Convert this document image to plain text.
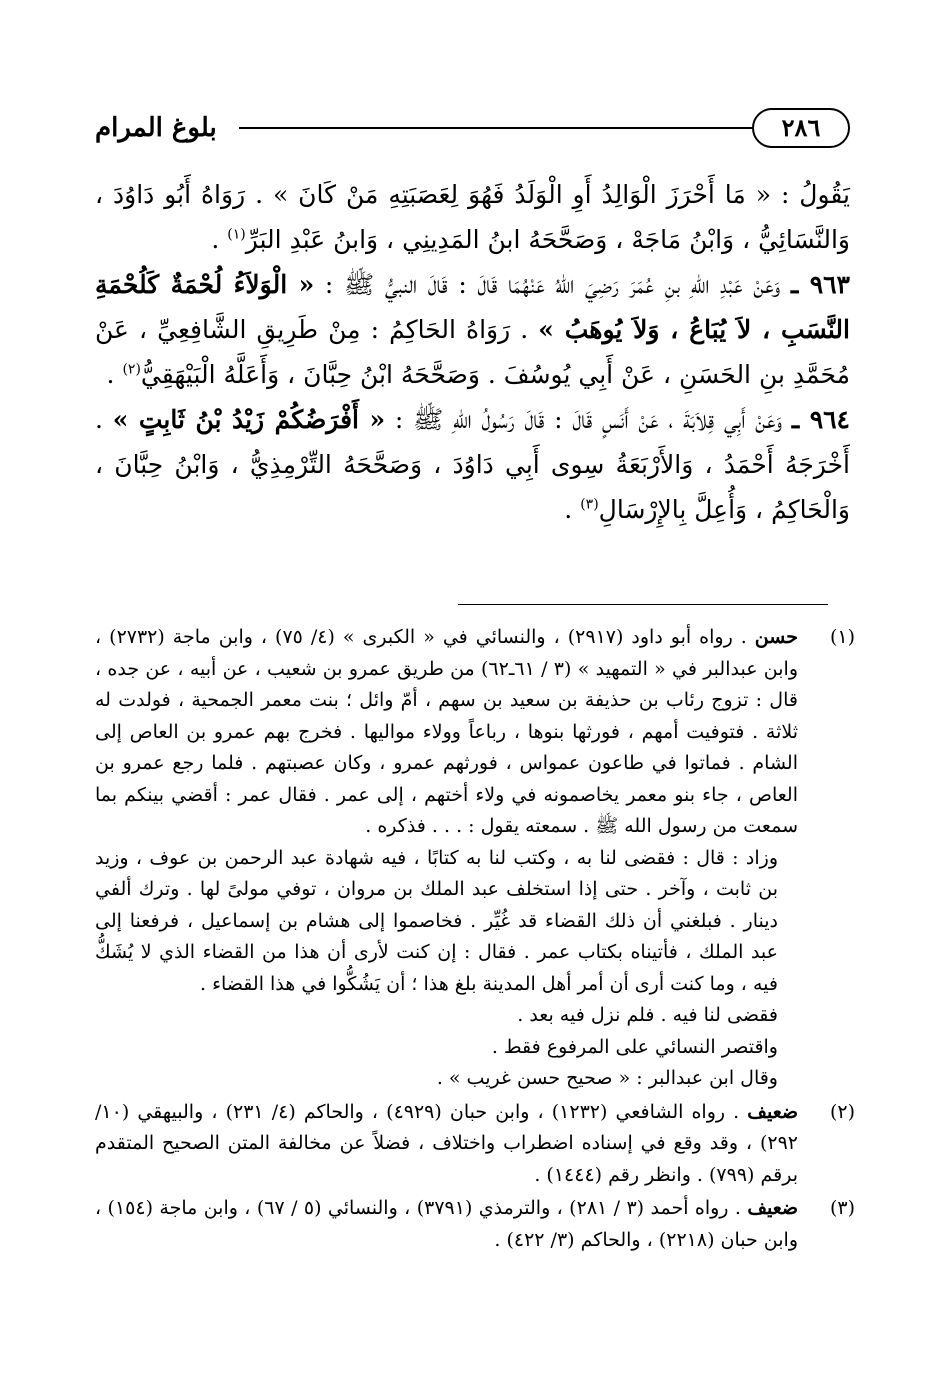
٢٨٦
بلوغ المرام

يَقُولُ : « مَا أَحْرَزَ الْوَالِدُ أَوِ الْوَلَدُ فَهُوَ لِعَصَبَتِهِ مَنْ كَانَ » . رَوَاهُ أَبُو دَاوُدَ ، وَالنَّسَائِيُّ ، وَابْنُ مَاجَهْ ، وَصَحَّحَهُ ابنُ المَدِينِي ، وَابنُ عَبْدِ البَرِّ$^{(١)}$ .

٩٦٣ ـ وَعَنْ عَبْدِ اللهِ بنِ عُمَرَ رَضِيَ اللهُ عَنْهُمَا قَالَ : قَالَ النبيُّ ﷺ : « الْوَلاَءُ لُحْمَةٌ كَلُحْمَةِ النَّسَبِ ، لاَ يُبَاعُ ، وَلاَ يُوهَبُ » . رَوَاهُ الحَاكِمُ : مِنْ طَرِيقِ الشَّافِعِيِّ ، عَنْ مُحَمَّدِ بنِ الحَسَنِ ، عَنْ أَبِي يُوسُفَ . وَصَحَّحَهُ ابْنُ حِبَّانَ ، وَأَعَلَّهُ الْبَيْهَقِيُّ$^{(٢)}$ .

٩٦٤ ـ وَعَنْ أَبِي قِلاَبَةَ ، عَنْ أَنَسٍ قَالَ : قَالَ رَسُولُ اللهِ ﷺ : « أَفْرَضُكُمْ زَيْدُ بْنُ ثَابِتٍ » . أَخْرَجَهُ أَحْمَدُ ، وَالأَرْبَعَةُ سِوى أَبِي دَاوُدَ ، وَصَحَّحَهُ التِّرْمِذِيُّ ، وَابْنُ حِبَّانَ ، وَالْحَاكِمُ ، وَأُعِلَّ بِالإِرْسَالِ$^{(٣)}$ .

(١)

حسن . رواه أبو داود (٢٩١٧) ، والنسائي في « الكبرى » (٤/ ٧٥) ، وابن ماجة (٢٧٣٢) ، وابن عبدالبر في « التمهيد » (٣ / ٦١ـ٦٢) من طريق عمرو بن شعيب ، عن أبيه ، عن جده ، قال : تزوج رئاب بن حذيفة بن سعيد بن سهم ، أمّ وائل ؛ بنت معمر الجمحية ، فولدت له ثلاثة . فتوفيت أمهم ، فورثها بنوها ، رباعاً وولاء مواليها . فخرج بهم عمرو بن العاص إلى الشام . فماتوا في طاعون عمواس ، فورثهم عمرو ، وكان عصبتهم . فلما رجع عمرو بن العاص ، جاء بنو معمر يخاصمونه في ولاء أختهم ، إلى عمر . فقال عمر : أقضي بينكم بما سمعت من رسول الله ﷺ . سمعته يقول : . . . فذكره .

وزاد : قال : فقضى لنا به ، وكتب لنا به كتابًا ، فيه شهادة عبد الرحمن بن عوف ، وزيد بن ثابت ، وآخر . حتى إذا استخلف عبد الملك بن مروان ، توفي مولىً لها . وترك ألفي دينار . فبلغني أن ذلك القضاء قد غُيِّر . فخاصموا إلى هشام بن إسماعيل ، فرفعنا إلى عبد الملك ، فأتيناه بكتاب عمر . فقال : إن كنت لأرى أن هذا من القضاء الذي لا يُشَكُّ فيه ، وما كنت أرى أن أمر أهل المدينة بلغ هذا ؛ أن يَشُكُّوا في هذا القضاء .

فقضى لنا فيه . فلم نزل فيه بعد .

واقتصر النسائي على المرفوع فقط .

وقال ابن عبدالبر : « صحيح حسن غريب » .

(٢)

ضعيف . رواه الشافعي (١٢٣٢) ، وابن حبان (٤٩٢٩) ، والحاكم (٤/ ٢٣١) ، والبيهقي (١٠/ ٢٩٢) ، وقد وقع في إسناده اضطراب واختلاف ، فضلاً عن مخالفة المتن الصحيح المتقدم برقم (٧٩٩) . وانظر رقم (١٤٤٤) .

(٣)

ضعيف . رواه أحمد (٣ / ٢٨١) ، والترمذي (٣٧٩١) ، والنسائي (٥ / ٦٧) ، وابن ماجة (١٥٤) ، وابن حبان (٢٢١٨) ، والحاكم (٣/ ٤٢٢) .
